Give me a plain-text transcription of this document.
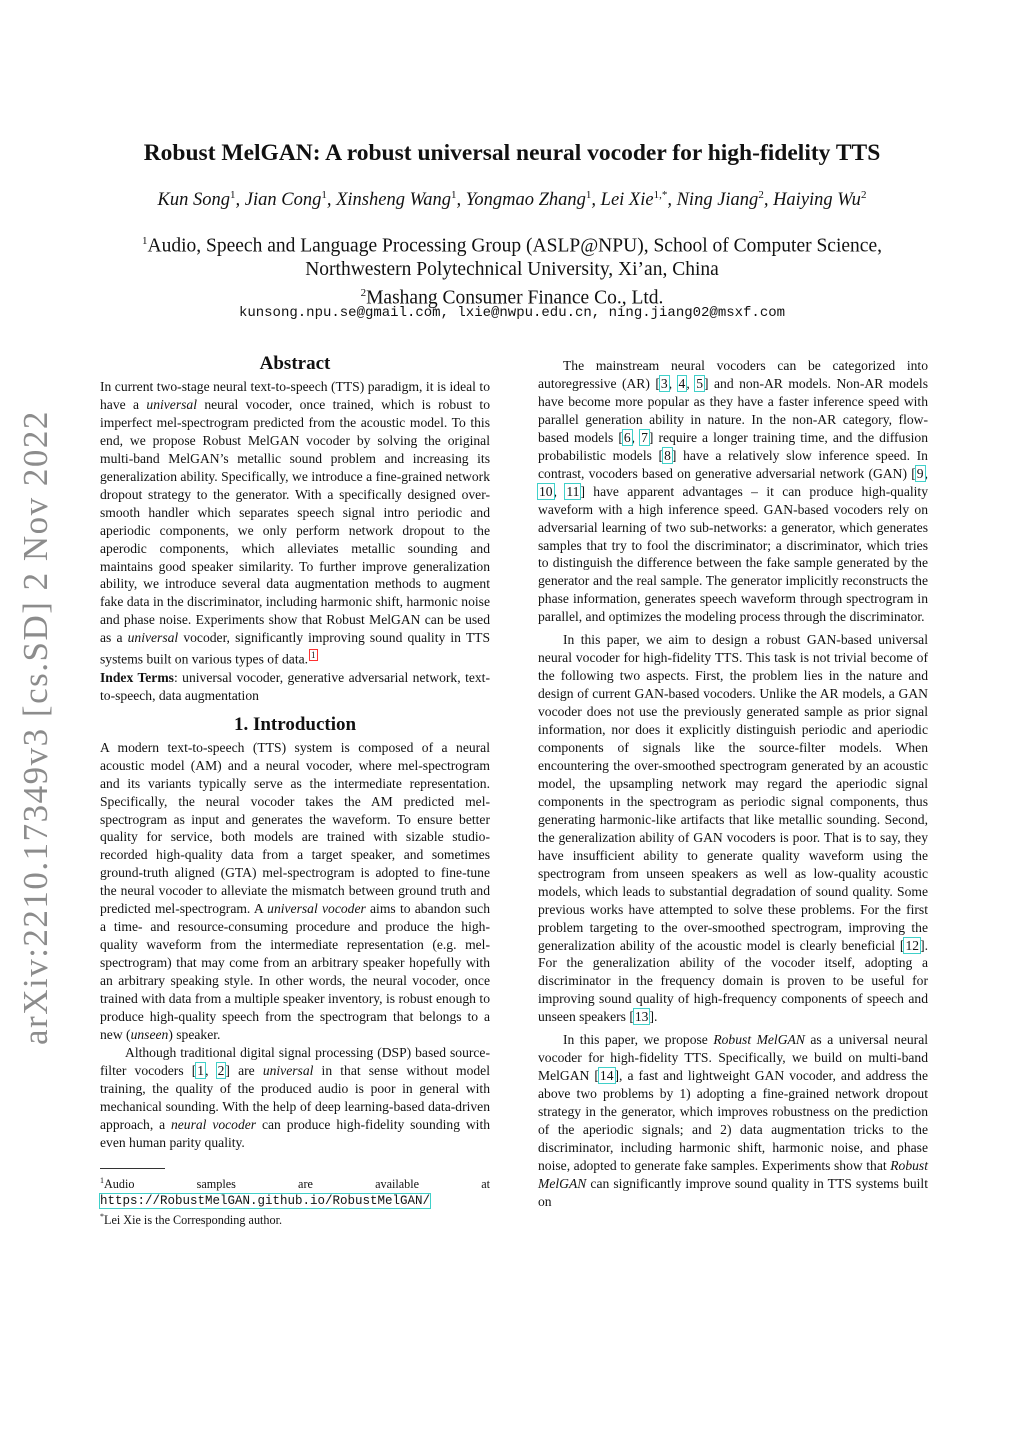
arXiv:2210.17349v3 [cs.SD] 2 Nov 2022
Robust MelGAN: A robust universal neural vocoder for high-fidelity TTS
Kun Song$^1$, Jian Cong$^1$, Xinsheng Wang$^1$, Yongmao Zhang$^1$, Lei Xie$^{1,*}$, Ning Jiang$^2$, Haiying Wu$^2$
$^1$Audio, Speech and Language Processing Group (ASLP@NPU), School of Computer Science,
Northwestern Polytechnical University, Xi’an, China
$^2$Mashang Consumer Finance Co., Ltd.
kunsong.npu.se@gmail.com, lxie@nwpu.edu.cn, ning.jiang02@msxf.com
Abstract

In current two-stage neural text-to-speech (TTS) paradigm, it is ideal to have a universal neural vocoder, once trained, which is robust to imperfect mel-spectrogram predicted from the acoustic model. To this end, we propose Robust MelGAN vocoder by solving the original multi-band MelGAN’s metallic sound problem and increasing its generalization ability. Specifically, we introduce a fine-grained network dropout strategy to the generator. With a specifically designed over-smooth handler which separates speech signal intro periodic and aperiodic components, we only perform network dropout to the aperodic components, which alleviates metallic sounding and maintains good speaker similarity. To further improve generalization ability, we introduce several data augmentation methods to augment fake data in the discriminator, including harmonic shift, harmonic noise and phase noise. Experiments show that Robust MelGAN can be used as a universal vocoder, significantly improving sound quality in TTS systems built on various types of data. $^1$

Index Terms: universal vocoder, generative adversarial network, text-to-speech, data augmentation

1. Introduction

A modern text-to-speech (TTS) system is composed of a neural acoustic model (AM) and a neural vocoder, where mel-spectrogram and its variants typically serve as the intermediate representation. Specifically, the neural vocoder takes the AM predicted mel-spectrogram as input and generates the waveform. To ensure better quality for service, both models are trained with sizable studio-recorded high-quality data from a target speaker, and sometimes ground-truth aligned (GTA) mel-spectrogram is adopted to fine-tune the neural vocoder to alleviate the mismatch between ground truth and predicted mel-spectrogram. A universal vocoder aims to abandon such a time- and resource-consuming procedure and produce the high-quality waveform from the intermediate representation (e.g. mel-spectrogram) that may come from an arbitrary speaker hopefully with an arbitrary speaking style. In other words, the neural vocoder, once trained with data from a multiple speaker inventory, is robust enough to produce high-quality speech from the spectrogram that belongs to a new (unseen) speaker.

Although traditional digital signal processing (DSP) based source-filter vocoders [1, 2] are universal in that sense without model training, the quality of the produced audio is poor in general with mechanical sounding. With the help of deep learning-based data-driven approach, a neural vocoder can produce high-fidelity sounding with even human parity quality.

$^1$Audio samples are available at https://RobustMelGAN.github.io/RobustMelGAN/
*Lei Xie is the Corresponding author.

The mainstream neural vocoders can be categorized into autoregressive (AR) [3, 4, 5] and non-AR models. Non-AR models have become more popular as they have a faster inference speed with parallel generation ability in nature. In the non-AR category, flow-based models [6, 7] require a longer training time, and the diffusion probabilistic models [8] have a relatively slow inference speed. In contrast, vocoders based on generative adversarial network (GAN) [9, 10, 11] have apparent advantages – it can produce high-quality waveform with a high inference speed. GAN-based vocoders rely on adversarial learning of two sub-networks: a generator, which generates samples that try to fool the discriminator; a discriminator, which tries to distinguish the difference between the fake sample generated by the generator and the real sample. The generator implicitly reconstructs the phase information, generates speech waveform through spectrogram in parallel, and optimizes the modeling process through the discriminator.

In this paper, we aim to design a robust GAN-based universal neural vocoder for high-fidelity TTS. This task is not trivial become of the following two aspects. First, the problem lies in the nature and design of current GAN-based vocoders. Unlike the AR models, a GAN vocoder does not use the previously generated sample as prior signal information, nor does it explicitly distinguish periodic and aperiodic components of signals like the source-filter models. When encountering the over-smoothed spectrogram generated by an acoustic model, the upsampling network may regard the aperiodic signal components in the spectrogram as periodic signal components, thus generating harmonic-like artifacts that like metallic sounding. Second, the generalization ability of GAN vocoders is poor. That is to say, they have insufficient ability to generate quality waveform using the spectrogram from unseen speakers as well as low-quality acoustic models, which leads to substantial degradation of sound quality. Some previous works have attempted to solve these problems. For the first problem targeting to the over-smoothed spectrogram, improving the generalization ability of the acoustic model is clearly beneficial [12]. For the generalization ability of the vocoder itself, adopting a discriminator in the frequency domain is proven to be useful for improving sound quality of high-frequency components of speech and unseen speakers [13].

In this paper, we propose Robust MelGAN as a universal neural vocoder for high-fidelity TTS. Specifically, we build on multi-band MelGAN [14], a fast and lightweight GAN vocoder, and address the above two problems by 1) adopting a fine-grained network dropout strategy in the generator, which improves robustness on the prediction of the aperiodic signals; and 2) data augmentation tricks to the discriminator, including harmonic shift, harmonic noise, and phase noise, adopted to generate fake samples. Experiments show that Robust MelGAN can significantly improve sound quality in TTS systems built on
